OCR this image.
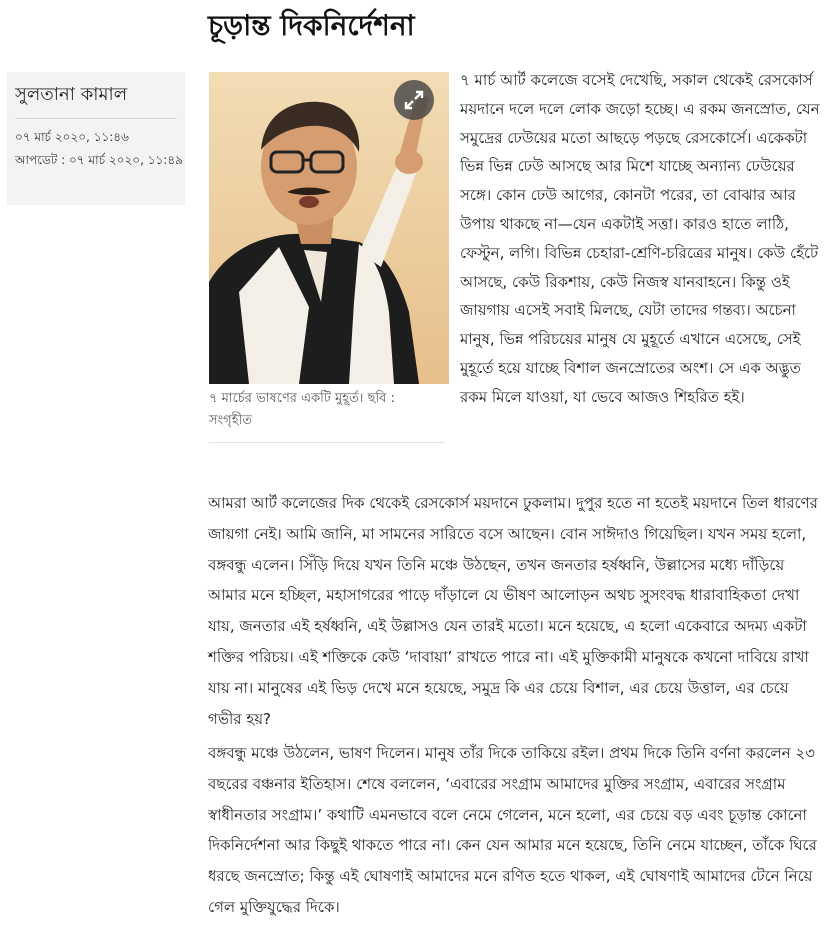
চূড়ান্ত দিকনির্দেশনা
সুলতানা কামাল
০৭ মার্চ ২০২০, ১১:৪৬
আপডেট : ০৭ মার্চ ২০২০, ১১:৪৯
৭ মার্চের ভাষণের একটি মুহূর্ত। ছবি : সংগৃহীত

৭ মার্চ আর্ট কলেজে বসেই দেখেছি, সকাল থেকেই রেসকোর্স ময়দানে দলে দলে লোক জড়ো হচ্ছে। এ রকম জনস্রোত, যেন সমুদ্রের ঢেউয়ের মতো আছড়ে পড়ছে রেসকোর্সে। একেকটা ভিন্ন ভিন্ন ঢেউ আসছে আর মিশে যাচ্ছে অন্যান্য ঢেউয়ের সঙ্গে। কোন ঢেউ আগের, কোনটা পরের, তা বোঝার আর উপায় থাকছে না—যেন একটাই সত্তা। কারও হাতে লাঠি, ফেস্টুন, লগি। বিভিন্ন চেহারা-শ্রেণি-চরিত্রের মানুষ। কেউ হেঁটে আসছে, কেউ রিকশায়, কেউ নিজস্ব যানবাহনে। কিন্তু ওই জায়গায় এসেই সবাই মিলছে, যেটা তাদের গন্তব্য। অচেনা মানুষ, ভিন্ন পরিচয়ের মানুষ যে মুহূর্তে এখানে এসেছে, সেই মুহূর্তে হয়ে যাচ্ছে বিশাল জনস্রোতের অংশ। সে এক অদ্ভুত রকম মিলে যাওয়া, যা ভেবে আজও শিহরিত হই।

আমরা আর্ট কলেজের দিক থেকেই রেসকোর্স ময়দানে ঢুকলাম। দুপুর হতে না হতেই ময়দানে তিল ধারণের জায়গা নেই। আমি জানি, মা সামনের সারিতে বসে আছেন। বোন সাঈদাও গিয়েছিল। যখন সময় হলো, বঙ্গবন্ধু এলেন। সিঁড়ি দিয়ে যখন তিনি মঞ্চে উঠছেন, তখন জনতার হর্ষধ্বনি, উল্লাসের মধ্যে দাঁড়িয়ে আমার মনে হচ্ছিল, মহাসাগরের পাড়ে দাঁড়ালে যে ভীষণ আলোড়ন অথচ সুসংবদ্ধ ধারাবাহিকতা দেখা যায়, জনতার এই হর্ষধ্বনি, এই উল্লাসও যেন তারই মতো। মনে হয়েছে, এ হলো একেবারে অদম্য একটা শক্তির পরিচয়। এই শক্তিকে কেউ ‘দাবায়া’ রাখতে পারে না। এই মুক্তিকামী মানুষকে কখনো দাবিয়ে রাখা যায় না। মানুষের এই ভিড় দেখে মনে হয়েছে, সমুদ্র কি এর চেয়ে বিশাল, এর চেয়ে উত্তাল, এর চেয়ে গভীর হয়?

বঙ্গবন্ধু মঞ্চে উঠলেন, ভাষণ দিলেন। মানুষ তাঁর দিকে তাকিয়ে রইল। প্রথম দিকে তিনি বর্ণনা করলেন ২৩ বছরের বঞ্চনার ইতিহাস। শেষে বললেন, ‘এবারের সংগ্রাম আমাদের মুক্তির সংগ্রাম, এবারের সংগ্রাম স্বাধীনতার সংগ্রাম।’ কথাটি এমনভাবে বলে নেমে গেলেন, মনে হলো, এর চেয়ে বড় এবং চূড়ান্ত কোনো দিকনির্দেশনা আর কিছুই থাকতে পারে না। কেন যেন আমার মনে হয়েছে, তিনি নেমে যাচ্ছেন, তাঁকে ঘিরে ধরছে জনস্রোত; কিন্তু এই ঘোষণাই আমাদের মনে রণিত হতে থাকল, এই ঘোষণাই আমাদের টেনে নিয়ে গেল মুক্তিযুদ্ধের দিকে।
